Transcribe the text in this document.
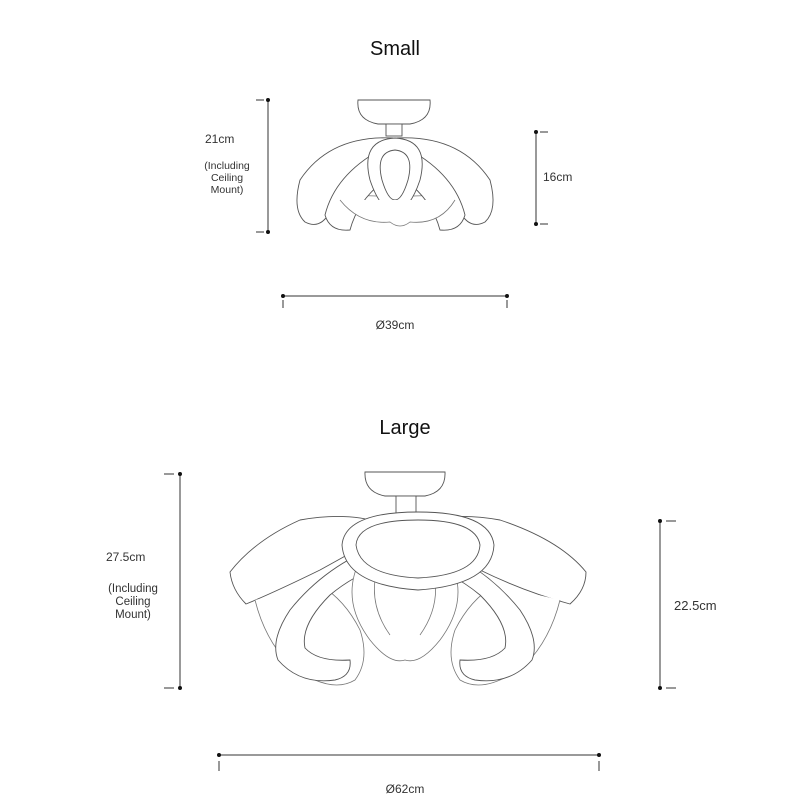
Small
21cm
(Including
Ceiling
Mount)
16cm
Ø39cm
Large
27.5cm
(Including
Ceiling
Mount)
22.5cm
Ø62cm
